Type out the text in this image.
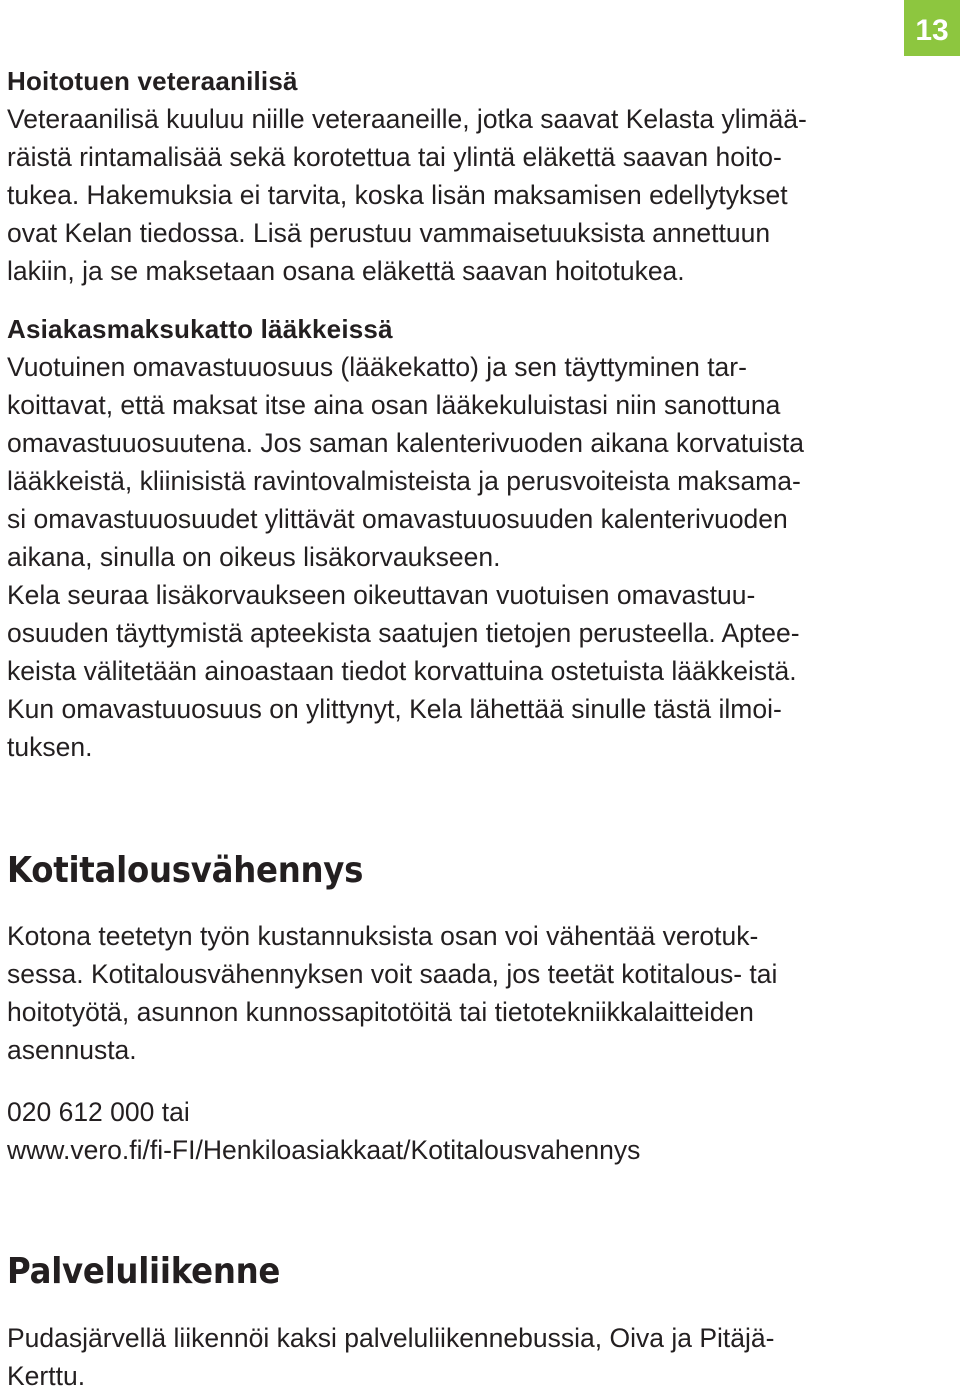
13
Hoitotuen veteraanilisä
Veteraanilisä kuuluu niille veteraaneille, jotka saavat Kelasta ylimää-
räistä rintamalisää sekä korotettua tai ylintä eläkettä saavan hoito-
tukea. Hakemuksia ei tarvita, koska lisän maksamisen edellytykset
ovat Kelan tiedossa. Lisä perustuu vammaisetuuksista annettuun
lakiin, ja se maksetaan osana eläkettä saavan hoitotukea.
Asiakasmaksukatto lääkkeissä
Vuotuinen omavastuuosuus (lääkekatto) ja sen täyttyminen tar-
koittavat, että maksat itse aina osan lääkekuluistasi niin sanottuna
omavastuuosuutena. Jos saman kalenterivuoden aikana korvatuista
lääkkeistä, kliinisistä ravintovalmisteista ja perusvoiteista maksama-
si omavastuuosuudet ylittävät omavastuuosuuden kalenterivuoden
aikana, sinulla on oikeus lisäkorvaukseen.
Kela seuraa lisäkorvaukseen oikeuttavan vuotuisen omavastuu-
osuuden täyttymistä apteekista saatujen tietojen perusteella. Aptee-
keista välitetään ainoastaan tiedot korvattuina ostetuista lääkkeistä.
Kun omavastuuosuus on ylittynyt, Kela lähettää sinulle tästä ilmoi-
tuksen.
Kotitalousvähennys
Kotona teetetyn työn kustannuksista osan voi vähentää verotuk-
sessa. Kotitalousvähennyksen voit saada, jos teetät kotitalous- tai
hoitotyötä, asunnon kunnossapitotöitä tai tietotekniikkalaitteiden
asennusta.
020 612 000 tai
www.vero.fi/fi-FI/Henkiloasiakkaat/Kotitalousvahennys
Palveluliikenne
Pudasjärvellä liikennöi kaksi palveluliikennebussia, Oiva ja Pitäjä-
Kerttu.
